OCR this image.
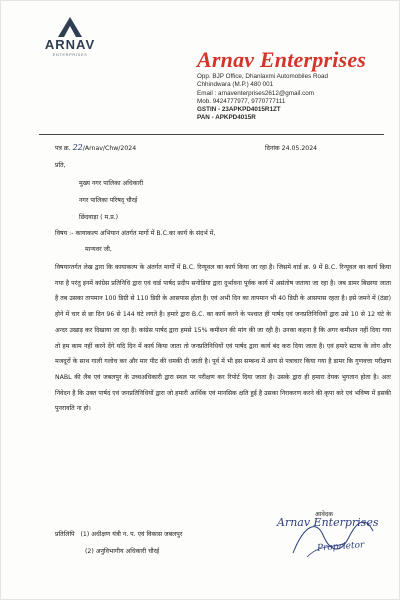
ARNAV
ENTERPRISES	Arnav Enterprises
Opp. BJP Office, Dhanlaxmi Automobiles Road
Chhindwara (M.P.) 480 001
Email : arnaventerprises2612@gmail.com
Mob. 9424777977, 9770777111
GSTIN - 23APKPD4015R1ZT
PAN - APKPD4015R
पत्र क्र. 22/Arnav/Chw/2024	दिनांक 24.05.2024
प्रति,
मुख्य नगर पालिका अधिकारी
नगर पालिका परिषद् चौरई
छिंदवाड़ा ( म.प्र.)
विषय :- कायाकल्प अभियान अंतर्गत मार्गो में B.C.का कार्य के संदर्भ में,
मान्यवर जी,
विषयान्तर्गत लेख द्वारा कि कायाकल्प के अंतर्गत मार्गों में B.C. रिन्यूवल का कार्य किया जा रहा है। जिसमे वार्ड क्र. 9 में B.C. रिन्यूवल का कार्य किया गया है परंतु इनमें कांग्रेस प्रतिनिधि द्वारा एवं वार्ड पार्षद प्रदीप सनोडिया द्वारा दुर्भावना पूर्वक कार्य में असंतोष जताया जा रहा है। जब डामर बिछाया जाता है तब उसका तापमान 100 डिग्री से 110 डिग्री के आसपास होता है। एवं अभी दिन का तापमान भी 40 डिग्री के आसपास रहता है। इसे जमने में (ठंडा) होने में चार से छः दिन 96 से 144 घंटे लगते है। हमारे द्वारा B.C. का कार्य करने के पश्चात ही पार्षद एवं जनप्रतिनिधियों द्वारा उसे 10 से 12 घंटे के अन्दर उखाड़ कर दिखाया जा रहा है। कांग्रेस पार्षद द्वारा हमसे 15% कमीशन की मांग की जा रही है। उनका कहना है कि अगर कमीशन नहीं दिया गया तो हम काम नहीं करने देंगे यदि दिन में कार्य किया जाता तो जनप्रतिनिधियों एवं पार्षद द्वारा कार्य बंद करा दिया जाता है। एवं हमारे स्टाफ के लोग और मजदूरों के साथ गाली गलोच कर और मार पीट की धमकी दी जाती है। पूर्व में भी इस सम्बन्ध में आप से पत्राचार किया गया है डामर कि गुणवत्ता परीक्षण NABL की लैब एवं जबलपुर के उच्चअधिकारी द्वारा स्थल पर परीक्षण कर रिपोर्ट दिया जाता है। उसके द्वारा ही हमारा देयक भुगतान होता है। अतः निवेदन है कि उक्त पार्षद एवं जनप्रतिनिधियों द्वारा जो हमारी आर्थिक एवं मानसिक क्षति हुई है उसका निराकरण करने की कृपा करे एवं भविष्य में इसकी पुनरावति ना हो।
प्रतिलिपि (1) अधीक्षण यंत्री न. प. एवं विकास जबलपुर
(2) अनुविभागीय अधिकारी चौरई
आवेदक
Arnav Enterprises
Proprietor
